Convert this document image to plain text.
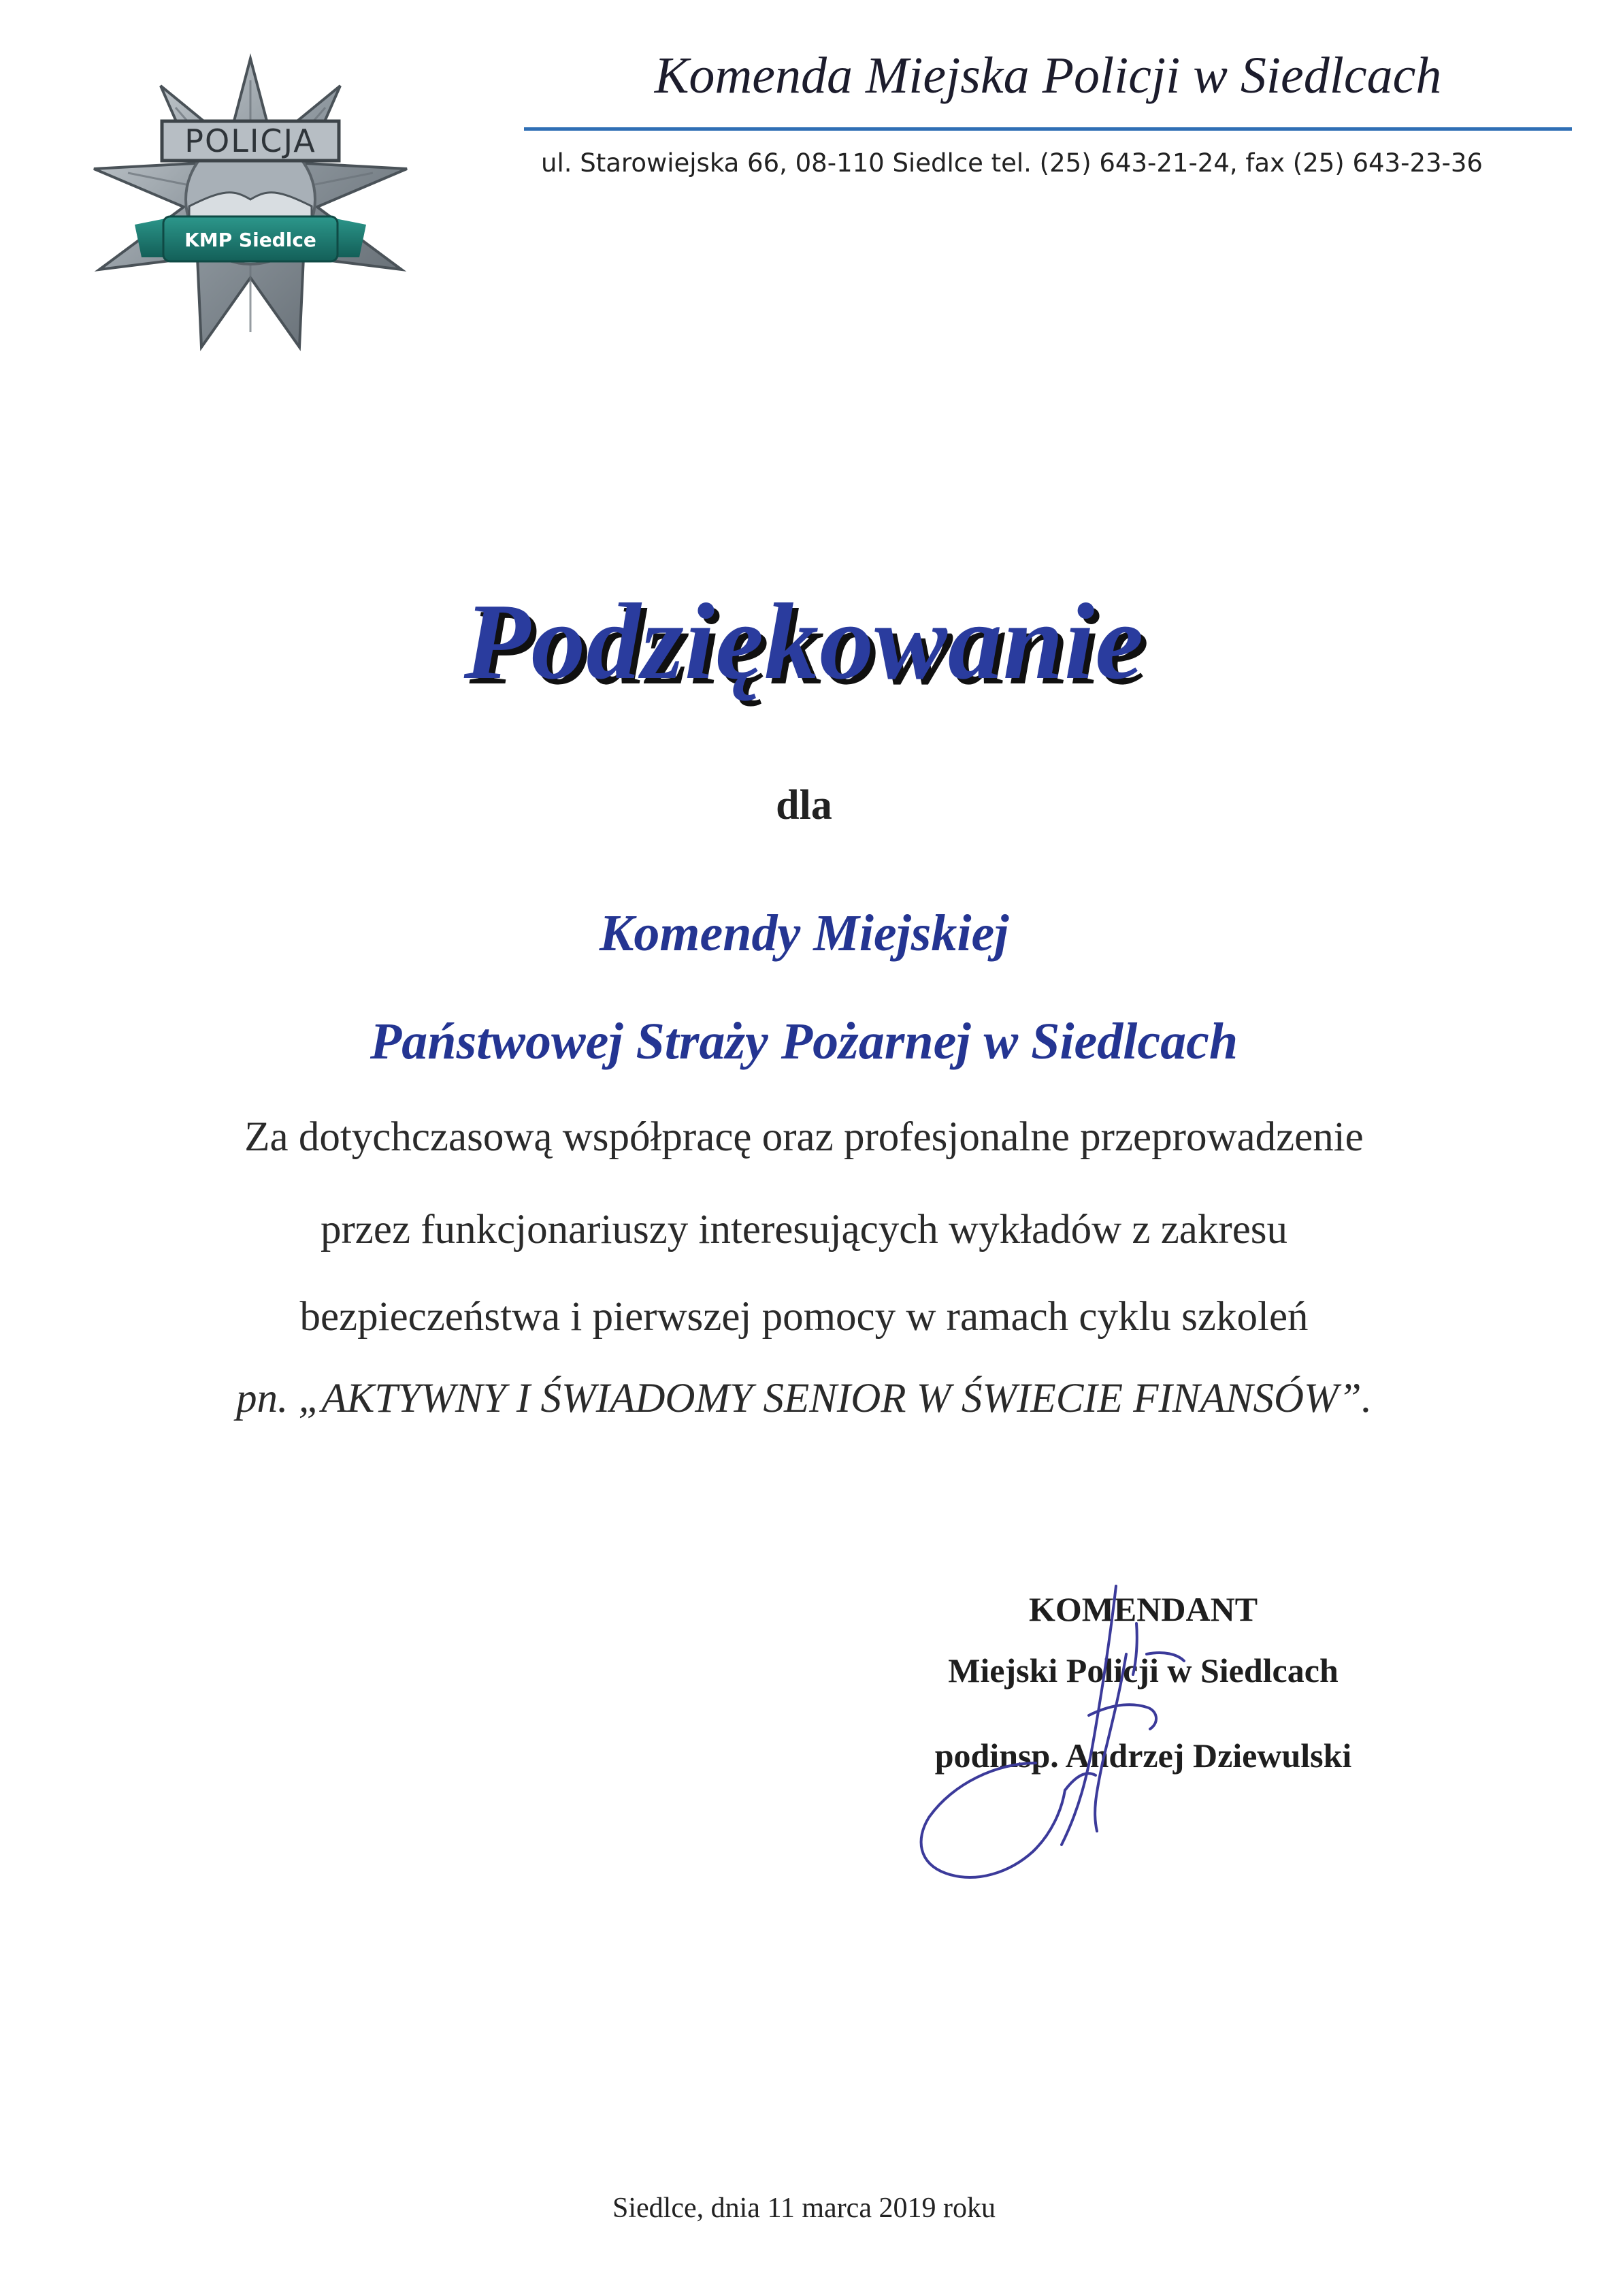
POLICJA
KMP Siedlce
Komenda Miejska Policji w Siedlcach
ul. Starowiejska 66, 08-110 Siedlce tel. (25) 643-21-24, fax (25) 643-23-36
Podziękowanie
dla
Komendy Miejskiej
Państwowej Straży Pożarnej w Siedlcach
Za dotychczasową współpracę oraz profesjonalne przeprowadzenie
przez funkcjonariuszy interesujących wykładów z zakresu
bezpieczeństwa i pierwszej pomocy w ramach cyklu szkoleń
pn. „AKTYWNY I ŚWIADOMY SENIOR W ŚWIECIE FINANSÓW”.
KOMENDANT
Miejski Policji w Siedlcach
podinsp. Andrzej Dziewulski
Siedlce, dnia 11 marca 2019 roku
